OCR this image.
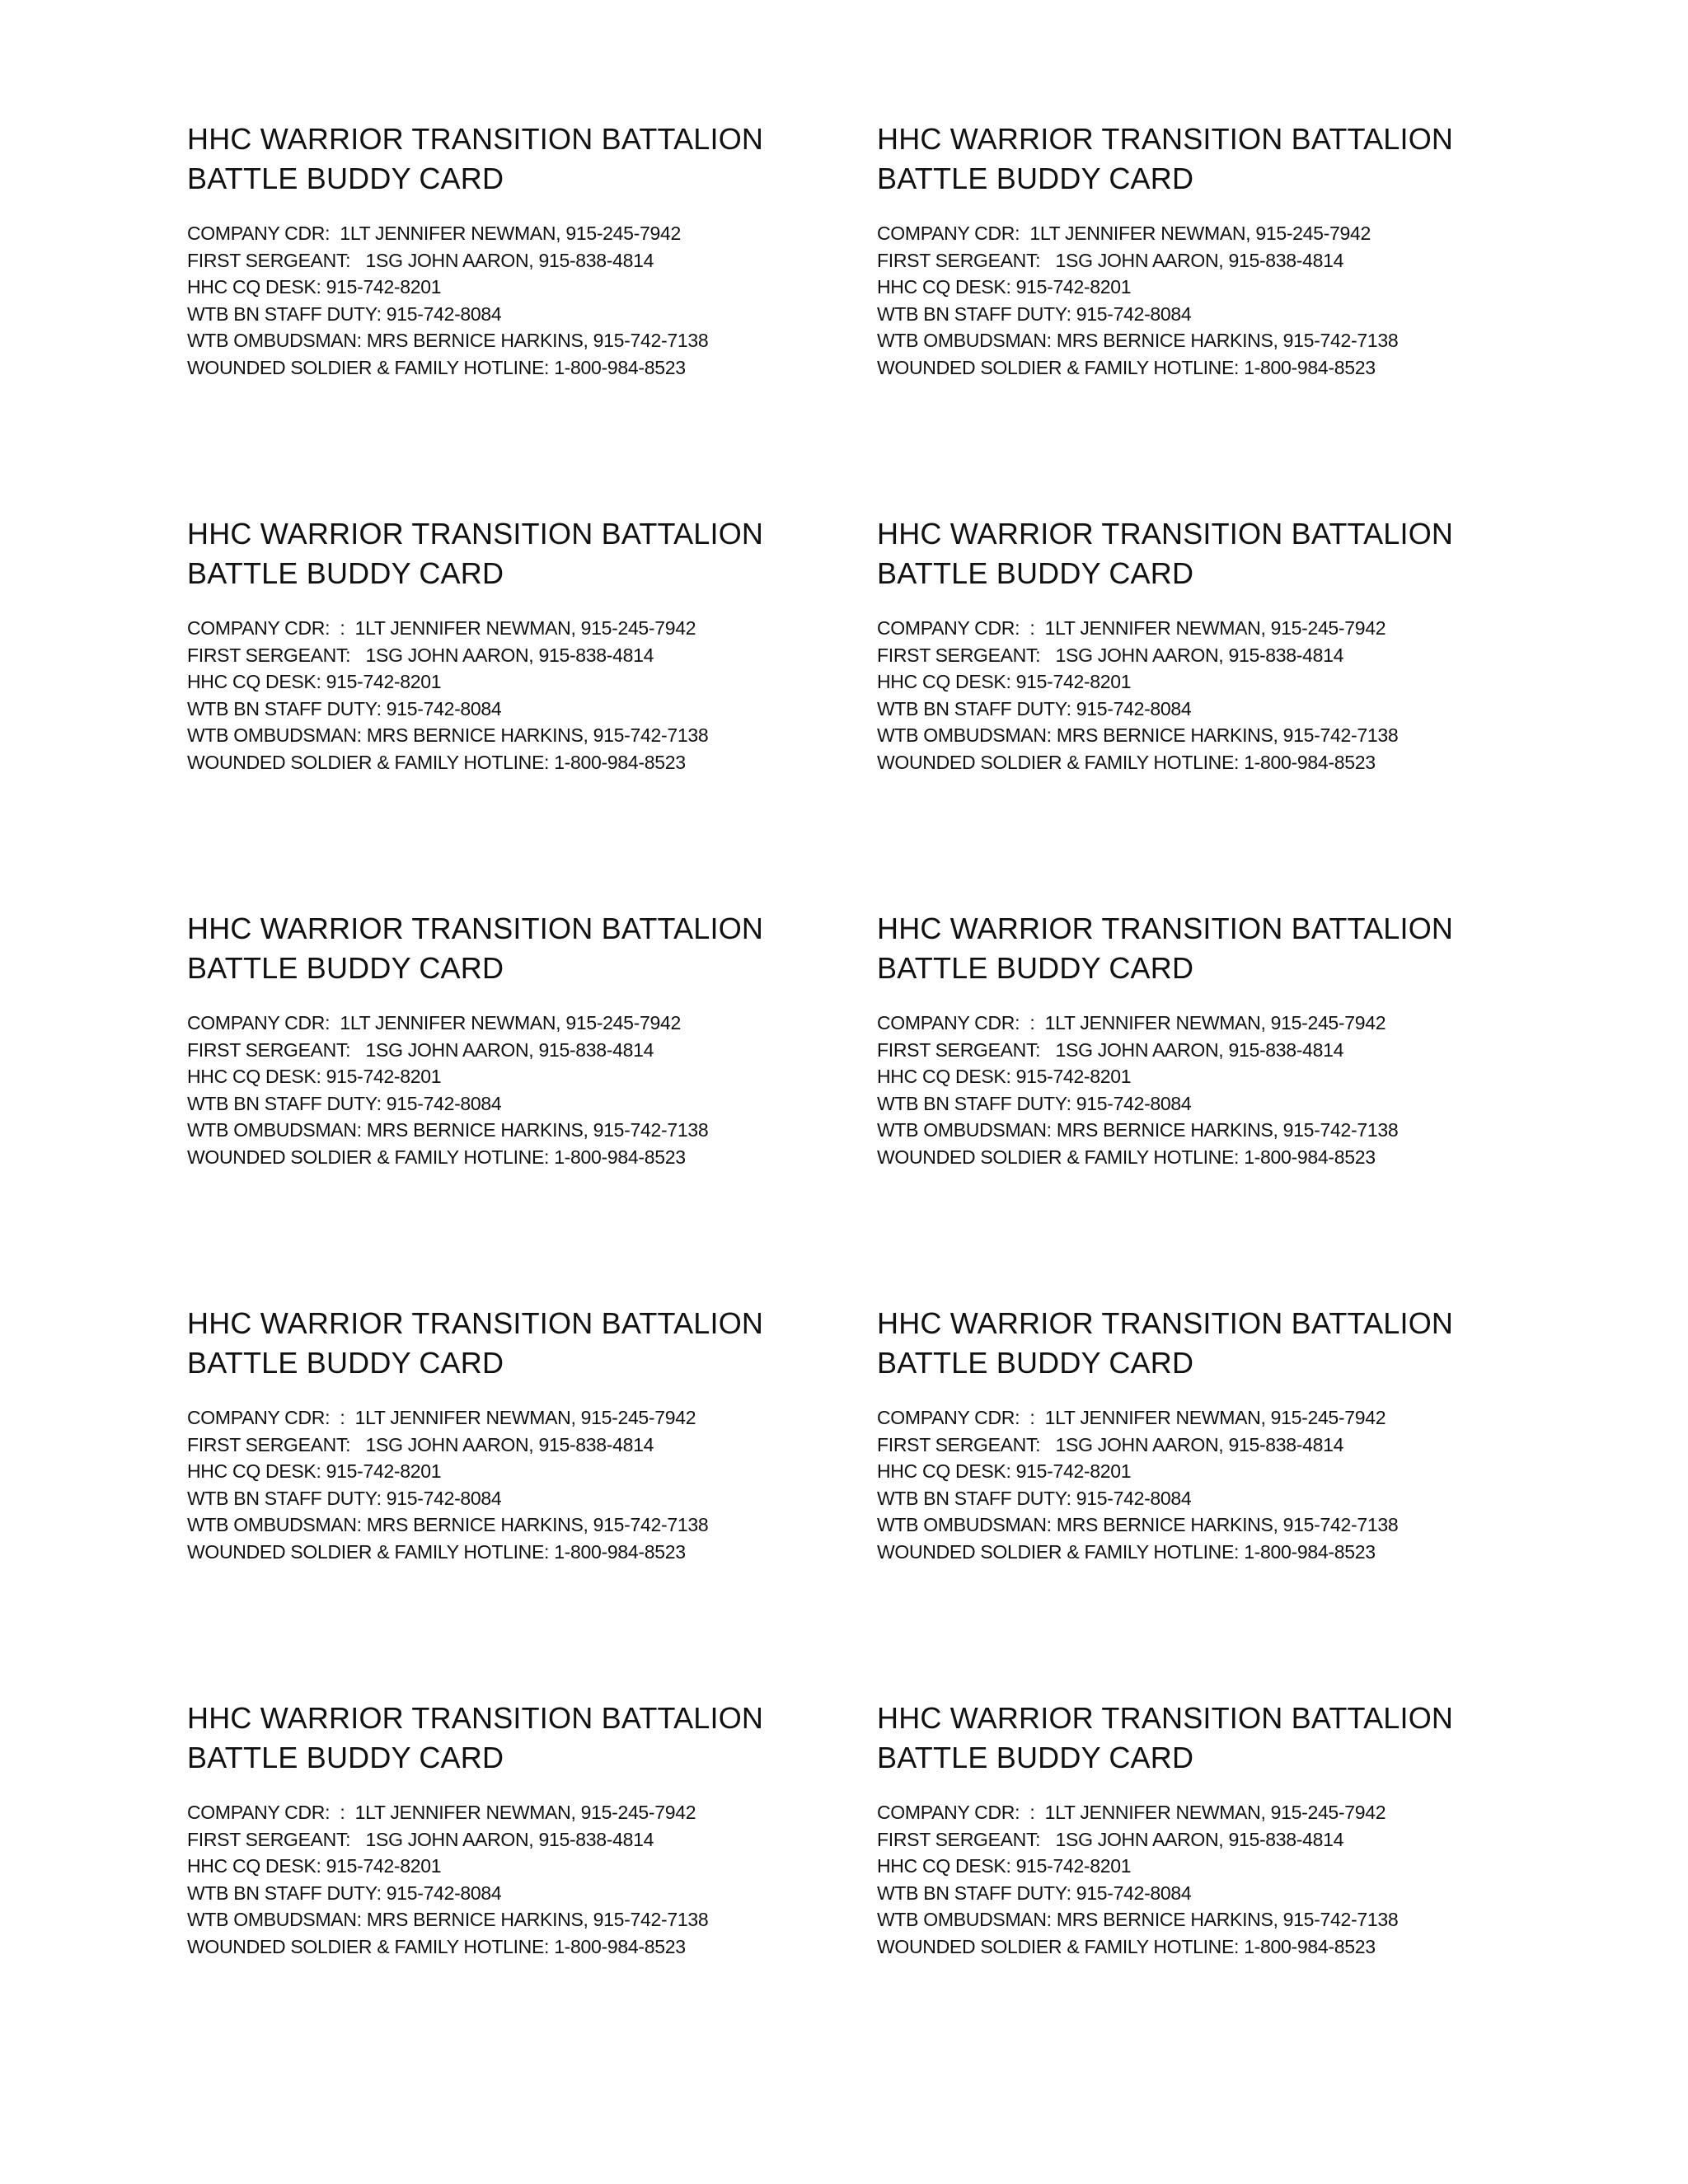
HHC WARRIOR TRANSITION BATTALION
BATTLE BUDDY CARD
COMPANY CDR:  1LT JENNIFER NEWMAN, 915-245-7942
FIRST SERGEANT:   1SG JOHN AARON, 915-838-4814
HHC CQ DESK: 915-742-8201
WTB BN STAFF DUTY: 915-742-8084
WTB OMBUDSMAN: MRS BERNICE HARKINS, 915-742-7138
WOUNDED SOLDIER & FAMILY HOTLINE: 1-800-984-8523
HHC WARRIOR TRANSITION BATTALION
BATTLE BUDDY CARD
COMPANY CDR:  1LT JENNIFER NEWMAN, 915-245-7942
FIRST SERGEANT:   1SG JOHN AARON, 915-838-4814
HHC CQ DESK: 915-742-8201
WTB BN STAFF DUTY: 915-742-8084
WTB OMBUDSMAN: MRS BERNICE HARKINS, 915-742-7138
WOUNDED SOLDIER & FAMILY HOTLINE: 1-800-984-8523
HHC WARRIOR TRANSITION BATTALION
BATTLE BUDDY CARD
COMPANY CDR:  :  1LT JENNIFER NEWMAN, 915-245-7942
FIRST SERGEANT:   1SG JOHN AARON, 915-838-4814
HHC CQ DESK: 915-742-8201
WTB BN STAFF DUTY: 915-742-8084
WTB OMBUDSMAN: MRS BERNICE HARKINS, 915-742-7138
WOUNDED SOLDIER & FAMILY HOTLINE: 1-800-984-8523
HHC WARRIOR TRANSITION BATTALION
BATTLE BUDDY CARD
COMPANY CDR:  :  1LT JENNIFER NEWMAN, 915-245-7942
FIRST SERGEANT:   1SG JOHN AARON, 915-838-4814
HHC CQ DESK: 915-742-8201
WTB BN STAFF DUTY: 915-742-8084
WTB OMBUDSMAN: MRS BERNICE HARKINS, 915-742-7138
WOUNDED SOLDIER & FAMILY HOTLINE: 1-800-984-8523
HHC WARRIOR TRANSITION BATTALION
BATTLE BUDDY CARD
COMPANY CDR:  1LT JENNIFER NEWMAN, 915-245-7942
FIRST SERGEANT:   1SG JOHN AARON, 915-838-4814
HHC CQ DESK: 915-742-8201
WTB BN STAFF DUTY: 915-742-8084
WTB OMBUDSMAN: MRS BERNICE HARKINS, 915-742-7138
WOUNDED SOLDIER & FAMILY HOTLINE: 1-800-984-8523
HHC WARRIOR TRANSITION BATTALION
BATTLE BUDDY CARD
COMPANY CDR:  :  1LT JENNIFER NEWMAN, 915-245-7942
FIRST SERGEANT:   1SG JOHN AARON, 915-838-4814
HHC CQ DESK: 915-742-8201
WTB BN STAFF DUTY: 915-742-8084
WTB OMBUDSMAN: MRS BERNICE HARKINS, 915-742-7138
WOUNDED SOLDIER & FAMILY HOTLINE: 1-800-984-8523
HHC WARRIOR TRANSITION BATTALION
BATTLE BUDDY CARD
COMPANY CDR:  :  1LT JENNIFER NEWMAN, 915-245-7942
FIRST SERGEANT:   1SG JOHN AARON, 915-838-4814
HHC CQ DESK: 915-742-8201
WTB BN STAFF DUTY: 915-742-8084
WTB OMBUDSMAN: MRS BERNICE HARKINS, 915-742-7138
WOUNDED SOLDIER & FAMILY HOTLINE: 1-800-984-8523
HHC WARRIOR TRANSITION BATTALION
BATTLE BUDDY CARD
COMPANY CDR:  :  1LT JENNIFER NEWMAN, 915-245-7942
FIRST SERGEANT:   1SG JOHN AARON, 915-838-4814
HHC CQ DESK: 915-742-8201
WTB BN STAFF DUTY: 915-742-8084
WTB OMBUDSMAN: MRS BERNICE HARKINS, 915-742-7138
WOUNDED SOLDIER & FAMILY HOTLINE: 1-800-984-8523
HHC WARRIOR TRANSITION BATTALION
BATTLE BUDDY CARD
COMPANY CDR:  :  1LT JENNIFER NEWMAN, 915-245-7942
FIRST SERGEANT:   1SG JOHN AARON, 915-838-4814
HHC CQ DESK: 915-742-8201
WTB BN STAFF DUTY: 915-742-8084
WTB OMBUDSMAN: MRS BERNICE HARKINS, 915-742-7138
WOUNDED SOLDIER & FAMILY HOTLINE: 1-800-984-8523
HHC WARRIOR TRANSITION BATTALION
BATTLE BUDDY CARD
COMPANY CDR:  :  1LT JENNIFER NEWMAN, 915-245-7942
FIRST SERGEANT:   1SG JOHN AARON, 915-838-4814
HHC CQ DESK: 915-742-8201
WTB BN STAFF DUTY: 915-742-8084
WTB OMBUDSMAN: MRS BERNICE HARKINS, 915-742-7138
WOUNDED SOLDIER & FAMILY HOTLINE: 1-800-984-8523
